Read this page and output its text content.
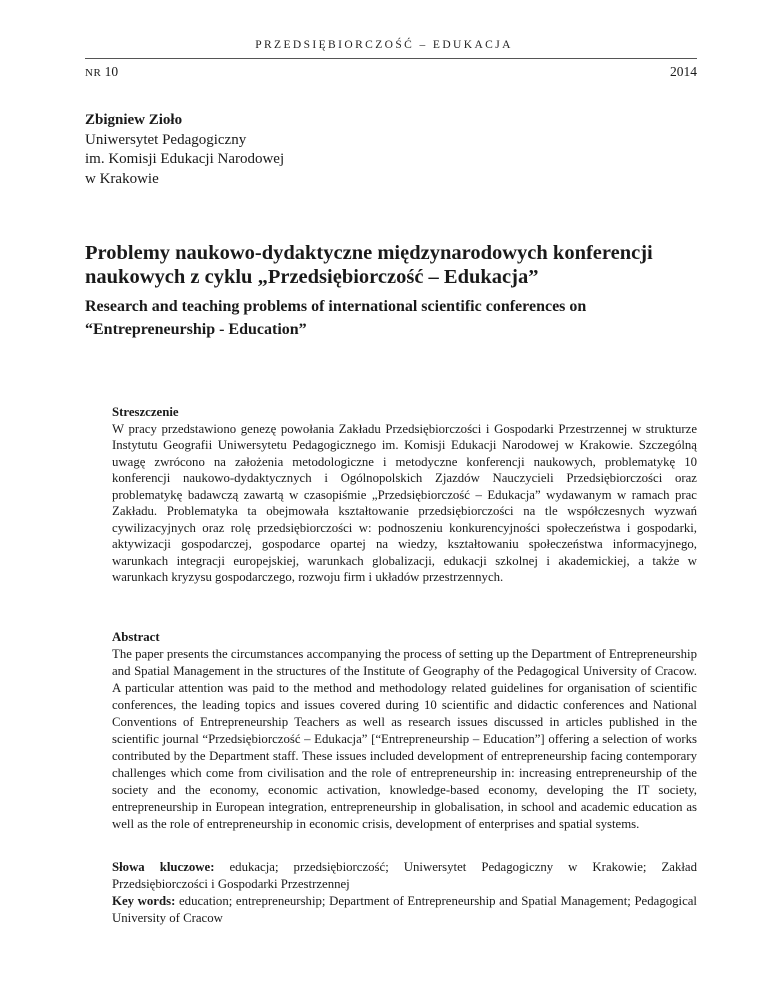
PRZEDSIĘBIORCZOŚĆ – EDUKACJA
NR 10	2014
Zbigniew Zioło
Uniwersytet Pedagogiczny
im. Komisji Edukacji Narodowej
w Krakowie
Problemy naukowo-dydaktyczne międzynarodowych konferencji naukowych z cyklu „Przedsiębiorczość – Edukacja”
Research and teaching problems of international scientific conferences on “Entrepreneurship - Education”
Streszczenie

W pracy przedstawiono genezę powołania Zakładu Przedsiębiorczości i Gospodarki Przestrzennej w strukturze Instytutu Geografii Uniwersytetu Pedagogicznego im. Komisji Edukacji Narodowej w Krakowie. Szczególną uwagę zwrócono na założenia metodologiczne i metodyczne konferencji naukowych, problematykę 10 konferencji naukowo-dydaktycznych i Ogólnopolskich Zjazdów Nauczycieli Przedsiębiorczości oraz problematykę badawczą zawartą w czasopiśmie „Przedsiębiorczość – Edukacja” wydawanym w ramach prac Zakładu. Problematyka ta obejmowała kształtowanie przedsiębiorczości na tle współczesnych wyzwań cywilizacyjnych oraz rolę przedsiębiorczości w: podnoszeniu konkurencyjności społeczeństwa i gospodarki, aktywizacji gospodarczej, gospodarce opartej na wiedzy, kształtowaniu społeczeństwa informacyjnego, warunkach integracji europejskiej, warunkach globalizacji, edukacji szkolnej i akademickiej, a także w warunkach kryzysu gospodarczego, rozwoju firm i układów przestrzennych.

Abstract

The paper presents the circumstances accompanying the process of setting up the Department of Entrepreneurship and Spatial Management in the structures of the Institute of Geography of the Pedagogical University of Cracow. A particular attention was paid to the method and methodology related guidelines for organisation of scientific conferences, the leading topics and issues covered during 10 scientific and didactic conferences and National Conventions of Entrepreneurship Teachers as well as research issues discussed in articles published in the scientific journal “Przedsiębiorczość – Edukacja” [“Entrepreneurship – Education”] offering a selection of works contributed by the Department staff. These issues included development of entrepreneurship facing contemporary challenges which come from civilisation and the role of entrepreneurship in: increasing entrepreneurship of the society and the economy, economic activation, knowledge-based economy, developing the IT society, entrepreneurship in European integration, entrepreneurship in globalisation, in school and academic education as well as the role of entrepreneurship in economic crisis, development of enterprises and spatial systems.

Słowa kluczowe: edukacja; przedsiębiorczość; Uniwersytet Pedagogiczny w Krakowie; Zakład Przedsiębiorczości i Gospodarki Przestrzennej

Key words: education; entrepreneurship; Department of Entrepreneurship and Spatial Management; Pedagogical University of Cracow
